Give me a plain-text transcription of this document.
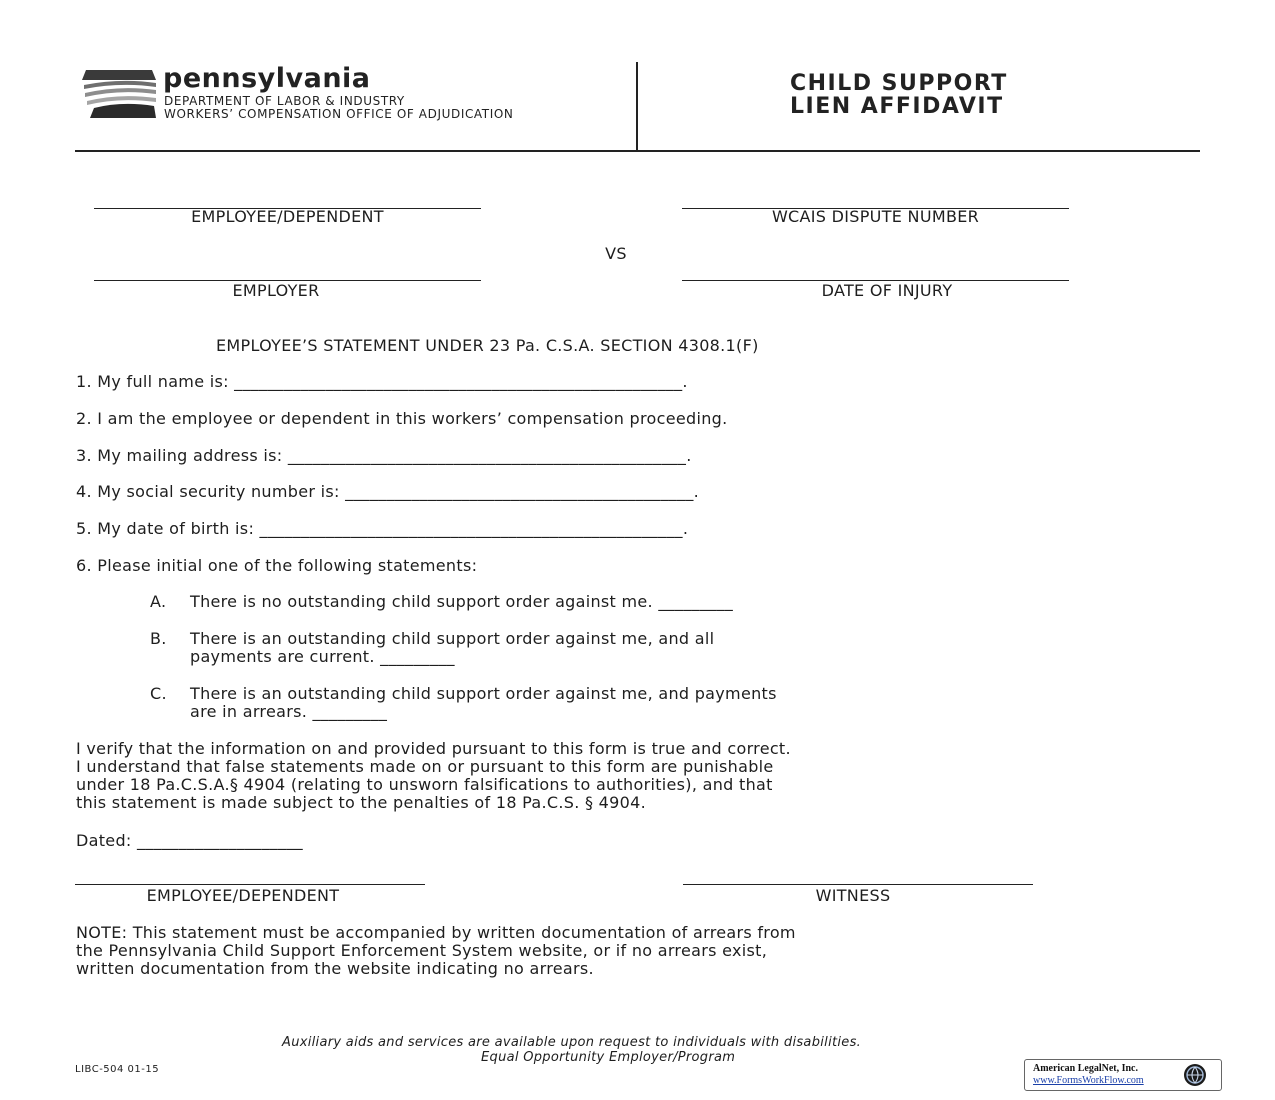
pennsylvania
DEPARTMENT OF LABOR & INDUSTRY
WORKERS’ COMPENSATION OFFICE OF ADJUDICATION
CHILD SUPPORT
LIEN AFFIDAVIT
EMPLOYEE/DEPENDENT	WCAIS DISPUTE NUMBER
VS
EMPLOYER	DATE OF INJURY
EMPLOYEE’S STATEMENT UNDER 23 Pa. C.S.A. SECTION 4308.1(F)
1. My full name is: ______________________________________________________.
2. I am the employee or dependent in this workers’ compensation proceeding.
3. My mailing address is: ________________________________________________.
4. My social security number is: __________________________________________.
5. My date of birth is: ___________________________________________________.
6. Please initial one of the following statements:
A. There is no outstanding child support order against me. _________
B. There is an outstanding child support order against me, and all
payments are current. _________
C. There is an outstanding child support order against me, and payments
are in arrears. _________
I verify that the information on and provided pursuant to this form is true and correct.
I understand that false statements made on or pursuant to this form are punishable
under 18 Pa.C.S.A.§ 4904 (relating to unsworn falsifications to authorities), and that
this statement is made subject to the penalties of 18 Pa.C.S. § 4904.
Dated: ____________________
EMPLOYEE/DEPENDENT	WITNESS
NOTE: This statement must be accompanied by written documentation of arrears from
the Pennsylvania Child Support Enforcement System website, or if no arrears exist,
written documentation from the website indicating no arrears.
Auxiliary aids and services are available upon request to individuals with disabilities.
Equal Opportunity Employer/Program
LIBC-504 01-15	American LegalNet, Inc.
www.FormsWorkFlow.com
